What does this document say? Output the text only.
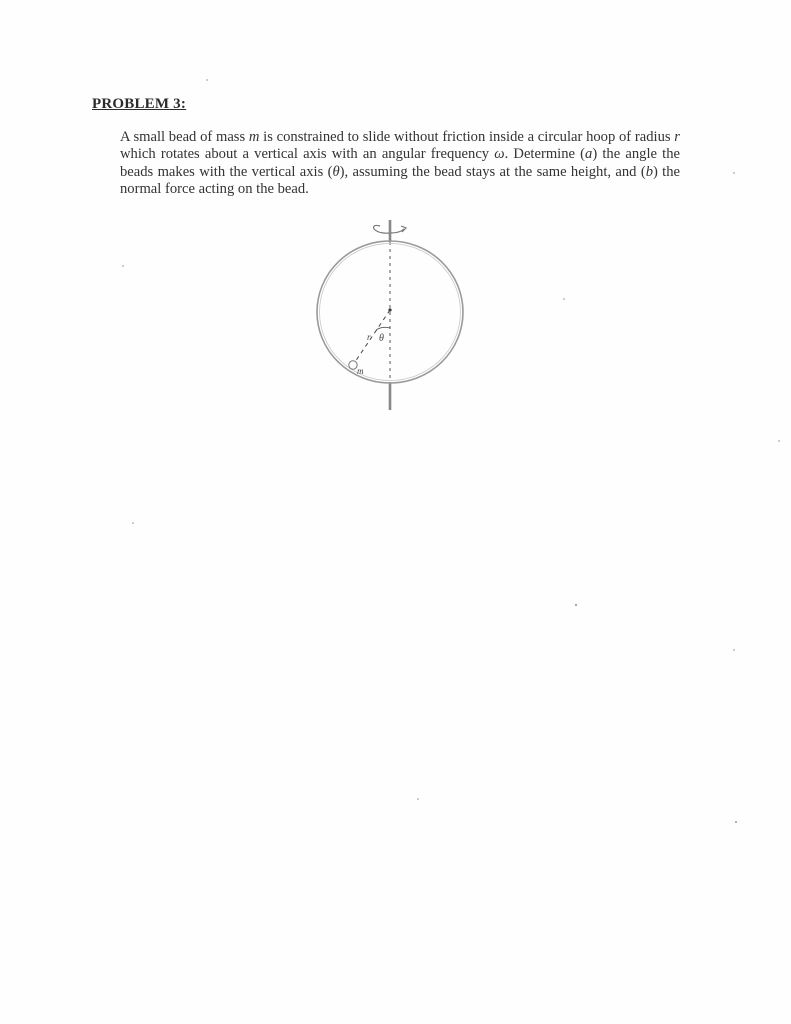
PROBLEM 3:
A small bead of mass m is constrained to slide without friction inside a circular hoop of radius r which rotates about a vertical axis with an angular frequency ω. Determine (a) the angle the beads makes with the vertical axis (θ), assuming the bead stays at the same height, and (b) the normal force acting on the bead.
r θ
m
